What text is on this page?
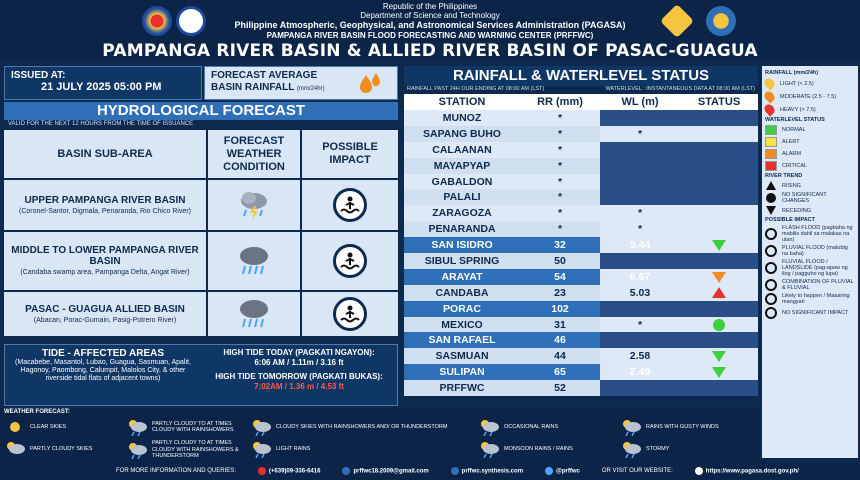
Republic of the Philippines
Department of Science and Technology
Philippine Atmospheric, Geophysical, and Astronomical Services Administration (PAGASA)
PAMPANGA RIVER BASIN FLOOD FORECASTING AND WARNING CENTER (PRFFWC)
PAMPANGA RIVER BASIN & ALLIED RIVER BASIN OF PASAC-GUAGUA
ISSUED AT:
21 JULY 2025 05:00 PM
FORECAST AVERAGE
BASIN RAINFALL (mm/24hr)
HYDROLOGICAL FORECAST
VALID FOR THE NEXT 12 HOURS FROM THE TIME OF ISSUANCE
BASIN SUB-AREA
FORECAST WEATHER CONDITION
POSSIBLE IMPACT
UPPER PAMPANGA RIVER BASIN
(Coronel-Santor, Digmala, Penaranda, Rio Chico River)
MIDDLE TO LOWER PAMPANGA RIVER BASIN
(Candaba swamp area, Pampanga Delta, Angat River)
PASAC - GUAGUA ALLIED BASIN
(Abacan, Porac-Gumain, Pasig-Potrero River)
TIDE - AFFECTED AREAS
(Macabebe, Masantol, Lubao, Guagua, Sasmuan, Apalit, Hagonoy, Paombong, Calumpit, Malolos City, & other riverside tidal flats of adjacent towns)
HIGH TIDE TODAY (PAGKATI NGAYON):
6:06 AM / 1.11m / 3.16 ft
HIGH TIDE TOMORROW (PAGKATI BUKAS):
7:02AM / 1.36 m / 4.53 ft
RAINFALL & WATERLEVEL STATUS
RAINFALL PAST 24H OUR ENDING AT 08:00 AM (LST)	WATERLEVEL : INSTANTANEOUS DATA AT 08:00 AM (LST)
STATION	RR (mm)	WL (m)	STATUS
MUNOZ	*		
SAPANG BUHO	*	*	
CALAANAN	*		
MAYAPYAP	*		
GABALDON	*		
PALALI	*		
ZARAGOZA	*	*	
PENARANDA	*	*	
SAN ISIDRO	32	3.44	
SIBUL SPRING	50		
ARAYAT	54	6.67	
CANDABA	23	5.03	
PORAC	102		
MEXICO	31	*	
SAN RAFAEL	46		
SASMUAN	44	2.58	
SULIPAN	65	2.49	
PRFFWC	52		
RAINFALL (mm/24h)
LIGHT (< 2.5)
MODERATE (2.5 - 7.5)
HEAVY (> 7.5)
WATERLEVEL STATUS
NORMAL
ALERT
ALARM
CRITICAL
RIVER TREND
RISING
NO SIGNIFICANT CHANGES
RECEDING
POSSIBLE IMPACT
FLASH FLOOD (pagbaha ng mabilis dahil sa malakas na ulan)
PLUVIAL FLOOD (matubig na baha)
FLUVIAL FLOOD / LANDSLIDE (pag-apaw ng ilog / pagguho ng lupa)
COMBINATION OF PLUVIAL & FLUVIAL
Likely to happen / Maaaring mangyari
NO SIGNIFICANT IMPACT
WEATHER FORECAST:
CLEAR SKIES
PARTLY CLOUDY SKIES
PARTLY CLOUDY TO AT TIMES CLOUDY WITH RAINSHOWERS
PARTLY CLOUDY TO AT TIMES CLOUDY WITH RAINSHOWERS & THUNDERSTORM
CLOUDY SKIES WITH RAINSHOWERS AND/ OR THUNDERSTORM
LIGHT RAINS
OCCASIONAL RAINS
MONSOON RAINS / RAINS
RAINS WITH GUSTY WINDS
STORMY
FOR MORE INFORMATION AND QUERIES:	(+639)09-336-6416	prffwc18.2009@gmail.com	prffwc.synthesis.com	@prffwc	OR VISIT OUR WEBSITE:	https://www.pagasa.dost.gov.ph/
